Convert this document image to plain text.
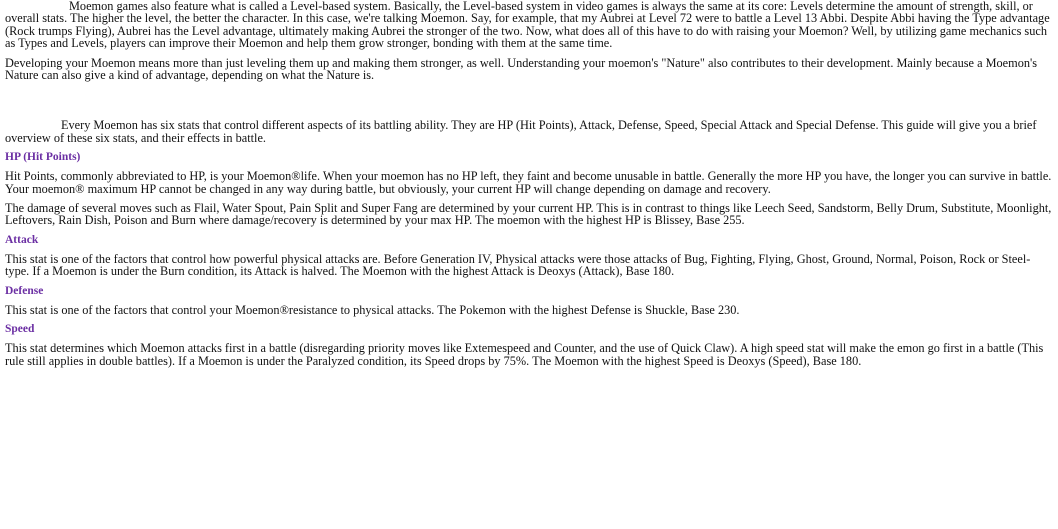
Moemon games also feature what is called a Level-based system. Basically, the Level-based system in video games is always the same at its core: Levels determine the amount of strength, skill, or overall stats. The higher the level, the better the character. In this case, we're talking Moemon. Say, for example, that my Aubrei at Level 72 were to battle a Level 13 Abbi. Despite Abbi having the Type advantage (Rock trumps Flying), Aubrei has the Level advantage, ultimately making Aubrei the stronger of the two. Now, what does all of this have to do with raising your Moemon? Well, by utilizing game mechanics such as Types and Levels, players can improve their Moemon and help them grow stronger, bonding with them at the same time.

Developing your Moemon means more than just leveling them up and making them stronger, as well. Understanding your moemon's "Nature" also contributes to their development. Mainly because a Moemon's Nature can also give a kind of advantage, depending on what the Nature is.

Every Moemon has six stats that control different aspects of its battling ability. They are HP (Hit Points), Attack, Defense, Speed, Special Attack and Special Defense. This guide will give you a brief overview of these six stats, and their effects in battle.

HP (Hit Points)

Hit Points, commonly abbreviated to HP, is your Moemon®life. When your moemon has no HP left, they faint and become unusable in battle. Generally the more HP you have, the longer you can survive in battle. Your moemon® maximum HP cannot be changed in any way during battle, but obviously, your current HP will change depending on damage and recovery.

The damage of several moves such as Flail, Water Spout, Pain Split and Super Fang are determined by your current HP. This is in contrast to things like Leech Seed, Sandstorm, Belly Drum, Substitute, Moonlight, Leftovers, Rain Dish, Poison and Burn where damage/recovery is determined by your max HP. The moemon with the highest HP is Blissey, Base 255.

Attack

This stat is one of the factors that control how powerful physical attacks are. Before Generation IV, Physical attacks were those attacks of Bug, Fighting, Flying, Ghost, Ground, Normal, Poison, Rock or Steel-type. If a Moemon is under the Burn condition, its Attack is halved. The Moemon with the highest Attack is Deoxys (Attack), Base 180.

Defense

This stat is one of the factors that control your Moemon®resistance to physical attacks. The Pokemon with the highest Defense is Shuckle, Base 230.

Speed

This stat determines which Moemon attacks first in a battle (disregarding priority moves like Extemespeed and Counter, and the use of Quick Claw). A high speed stat will make the emon go first in a battle (This rule still applies in double battles). If a Moemon is under the Paralyzed condition, its Speed drops by 75%. The Moemon with the highest Speed is Deoxys (Speed), Base 180.
